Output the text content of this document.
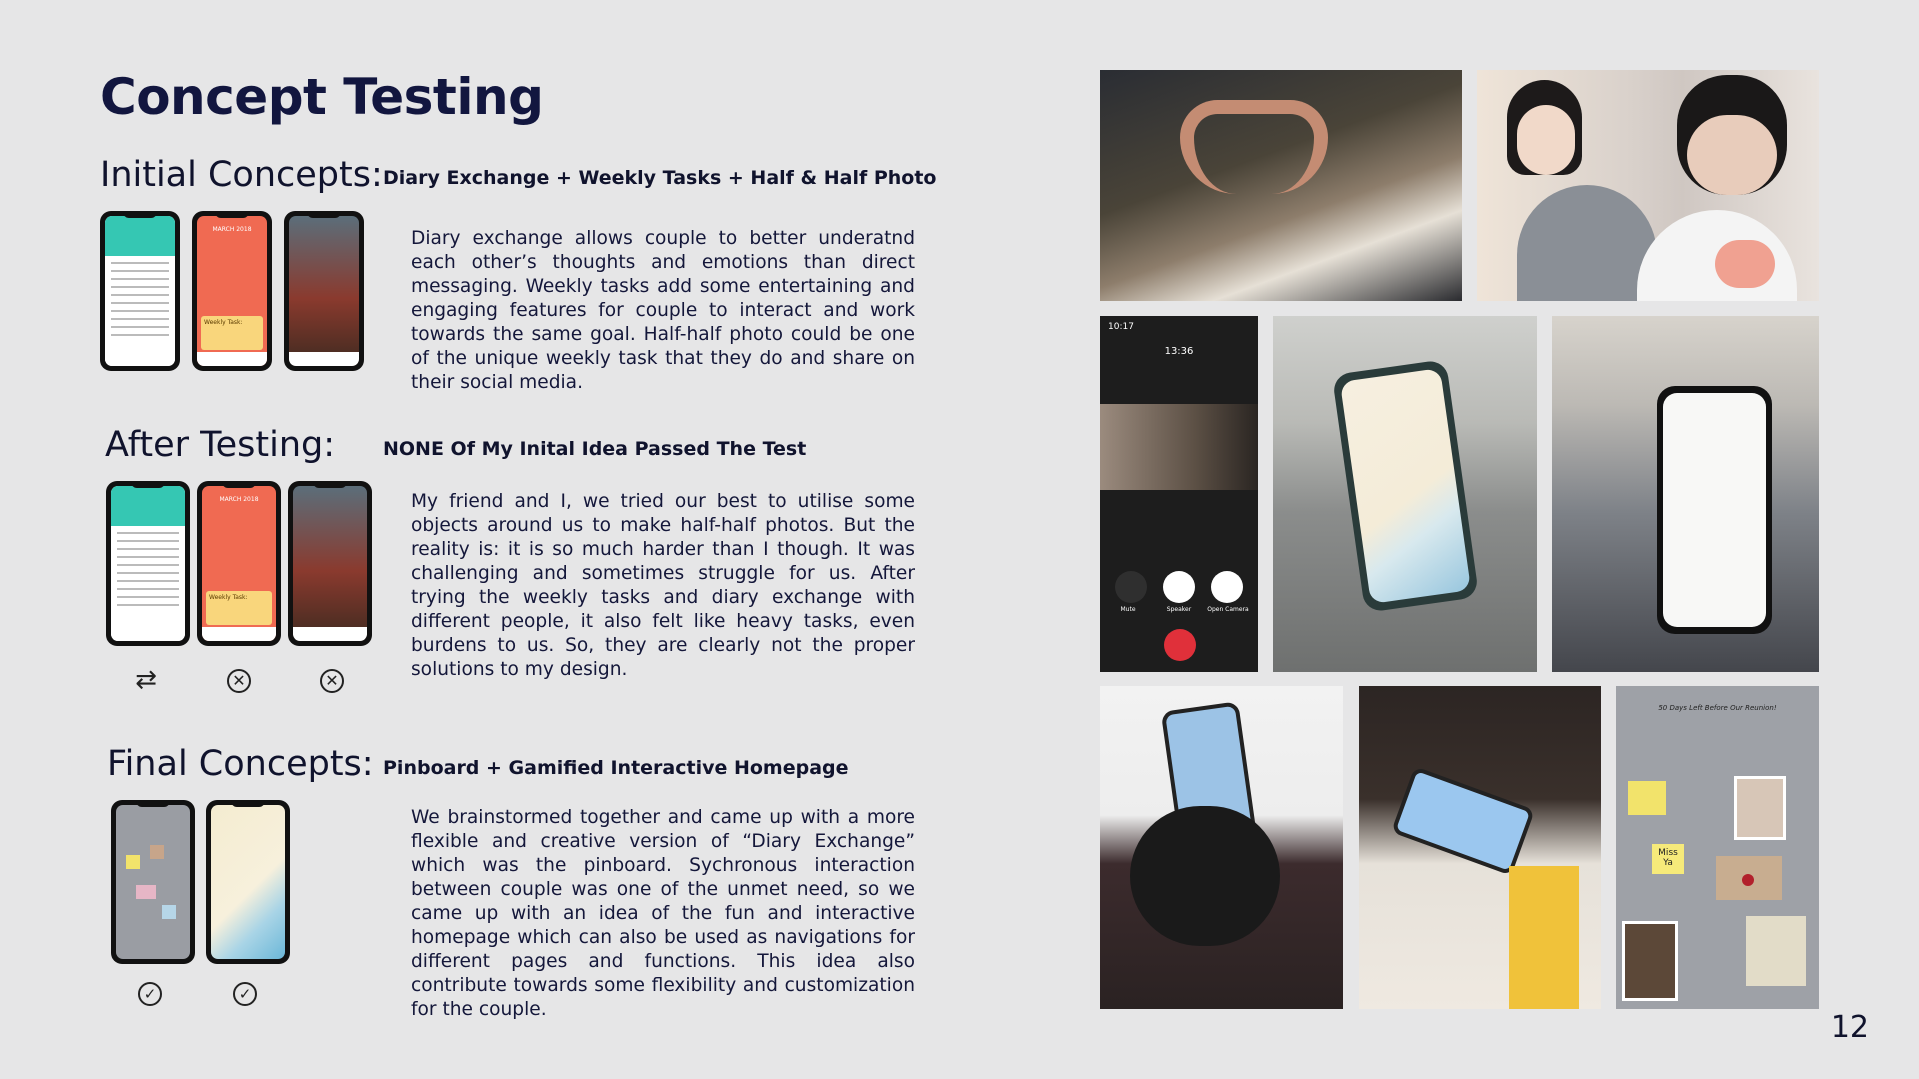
Concept Testing
Initial Concepts: Diary Exchange + Weekly Tasks + Half & Half Photo
MARCH 2018
Weekly Task:
Diary exchange allows couple to better underatnd each other’s thoughts and emotions than direct messaging. Weekly tasks add some entertaining and engaging features for couple to interact and work towards the same goal. Half-half photo could be one of the unique weekly task that they do and share on their social media.
After Testing:	NONE Of My Inital Idea Passed The Test
MARCH 2018
Weekly Task:
⇄	✕	✕
My friend and I, we tried our best to utilise some objects around us to make half-half photos. But the reality is: it is so much harder than I though. It was challenging and sometimes struggle for us. After trying the weekly tasks and diary exchange with different people, it also felt like heavy tasks, even burdens to us. So, they are clearly not the proper solutions to my design.
Final Concepts: Pinboard + Gamified Interactive Homepage
✓	✓
We brainstormed together and came up with a more flexible and creative version of “Diary Exchange” which was the pinboard. Sychronous interaction between couple was one of the unmet need, so we came up with an idea of the fun and interactive homepage which can also be used as navigations for different pages and functions. This idea also contribute towards some flexibility and customization for the couple.
10:17
13:36
Mute	Speaker	Open Camera
50 Days Left Before Our Reunion!
Miss Ya
12
